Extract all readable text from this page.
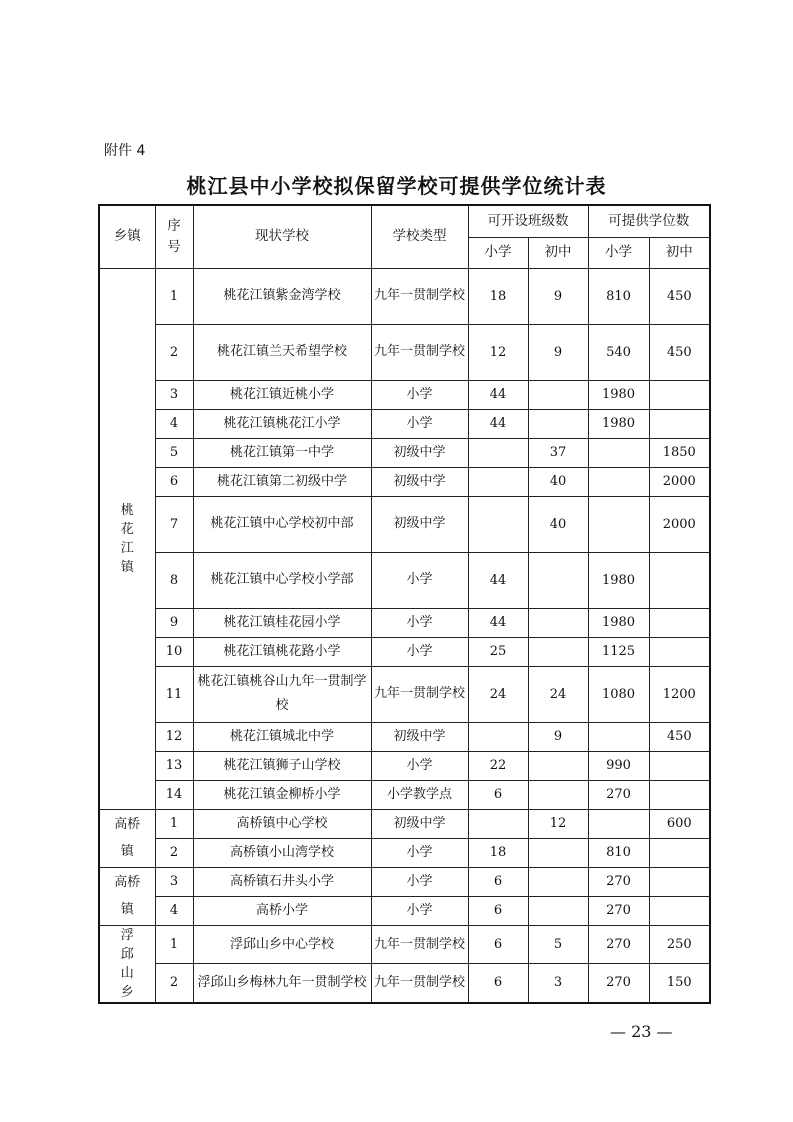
附件 4
桃江县中小学校拟保留学校可提供学位统计表
乡镇	序号	现状学校	学校类型	可开设班级数		可提供学位数	
				小学	初中	小学	初中
桃花江镇	1	桃花江镇紫金湾学校	九年一贯制学校	18	9	810	450
	2	桃花江镇兰天希望学校	九年一贯制学校	12	9	540	450
	3	桃花江镇近桃小学	小学	44		1980	
	4	桃花江镇桃花江小学	小学	44		1980	
	5	桃花江镇第一中学	初级中学		37		1850
	6	桃花江镇第二初级中学	初级中学		40		2000
	7	桃花江镇中心学校初中部	初级中学		40		2000
	8	桃花江镇中心学校小学部	小学	44		1980	
	9	桃花江镇桂花园小学	小学	44		1980	
	10	桃花江镇桃花路小学	小学	25		1125	
	11	桃花江镇桃谷山九年一贯制学校	九年一贯制学校	24	24	1080	1200
	12	桃花江镇城北中学	初级中学		9		450
	13	桃花江镇狮子山学校	小学	22		990	
	14	桃花江镇金柳桥小学	小学教学点	6		270	
高桥镇	1	高桥镇中心学校	初级中学		12		600
	2	高桥镇小山湾学校	小学	18		810	
高桥镇	3	高桥镇石井头小学	小学	6		270	
	4	高桥小学	小学	6		270	
浮邱山乡	1	浮邱山乡中心学校	九年一贯制学校	6	5	270	250
	2	浮邱山乡梅林九年一贯制学校	九年一贯制学校	6	3	270	150
— 23 —
